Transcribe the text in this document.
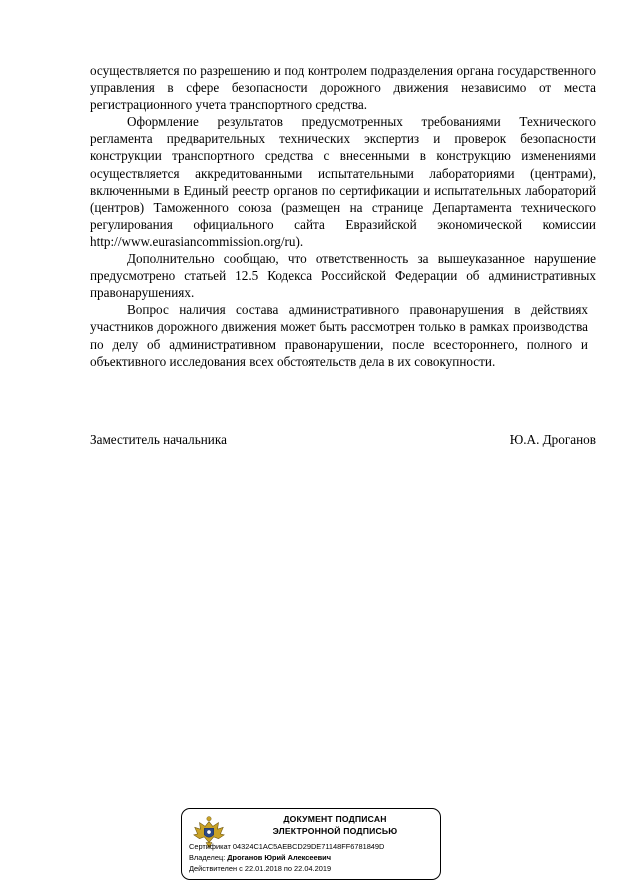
осуществляется по разрешению и под контролем подразделения органа государственного управления в сфере безопасности дорожного движения независимо от места регистрационного учета транспортного средства.

Оформление результатов предусмотренных требованиями Технического регламента предварительных технических экспертиз и проверок безопасности конструкции транспортного средства с внесенными в конструкцию изменениями осуществляется аккредитованными испытательными лабораториями (центрами), включенными в Единый реестр органов по сертификации и испытательных лабораторий (центров) Таможенного союза (размещен на странице Департамента технического регулирования официального сайта Евразийской экономической комиссии http://www.eurasiancommission.org/ru).

Дополнительно сообщаю, что ответственность за вышеуказанное нарушение предусмотрено статьей 12.5 Кодекса Российской Федерации об административных правонарушениях.

Вопрос наличия состава административного правонарушения в действиях участников дорожного движения может быть рассмотрен только в рамках производства по делу об административном правонарушении, после всестороннего, полного и объективного исследования всех обстоятельств дела в их совокупности.

Заместитель начальника	Ю.А. Дроганов
ДОКУМЕНТ ПОДПИСАН
ЭЛЕКТРОННОЙ ПОДПИСЬЮ
Сертификат 04324C1AC5AEBCD29DE71148FF6781849D
Владелец: Дроганов Юрий Алексеевич
Действителен с 22.01.2018 по 22.04.2019
